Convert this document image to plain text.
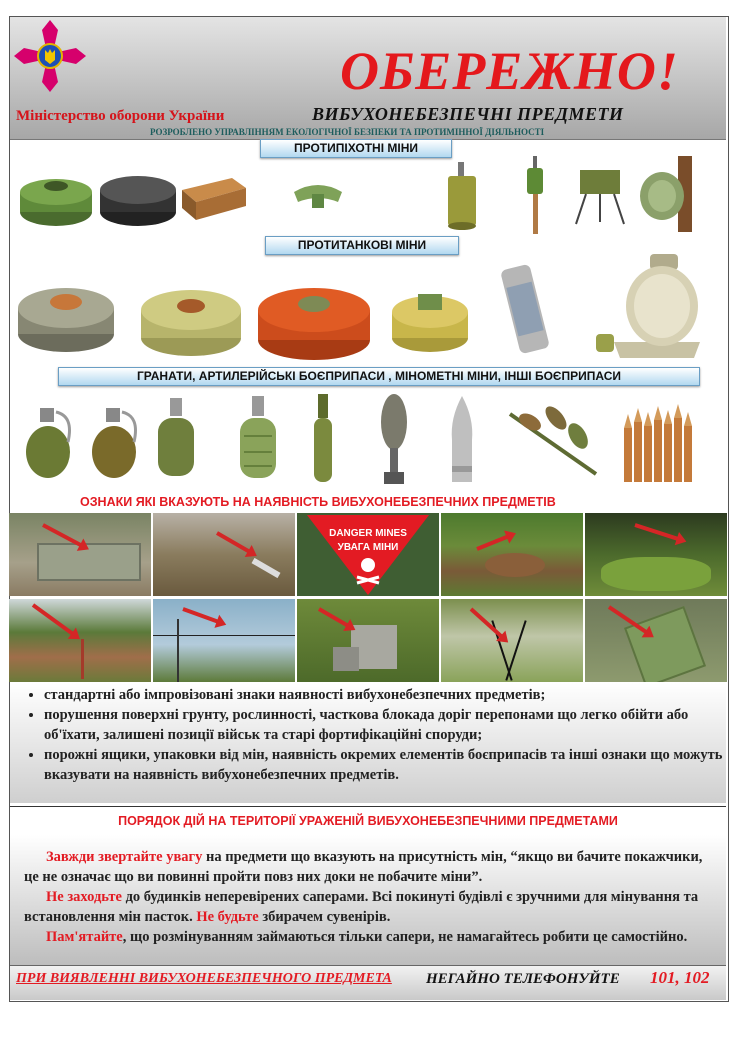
ОБЕРЕЖНО!
Міністерство оборони України	ВИБУХОНЕБЕЗПЕЧНІ ПРЕДМЕТИ
РОЗРОБЛЕНО УПРАВЛІННЯМ ЕКОЛОГІЧНОЇ БЕЗПЕКИ ТА ПРОТИМІННОЇ ДІЯЛЬНОСТІ
ПРОТИПІХОТНІ МІНИ
ПРОТИТАНКОВІ МІНИ
ГРАНАТИ, АРТИЛЕРІЙСЬКІ БОЄПРИПАСИ , МІНОМЕТНІ МІНИ, ІНШІ БОЄПРИПАСИ
ОЗНАКИ ЯКІ ВКАЗУЮТЬ НА НАЯВНІСТЬ ВИБУХОНЕБЕЗПЕЧНИХ ПРЕДМЕТІВ
DANGER MINES
УВАГА МІНИ
• стандартні або імпровізовані знаки наявності вибухонебезпечних предметів;
• порушення поверхні грунту, рослинності, часткова блокада доріг перепонами що легко обійти або об'їхати, залишені позиції військ та старі фортифікаційні споруди;
• порожні ящики, упаковки від мін, наявність окремих елементів боєприпасів та інші ознаки що можуть вказувати на наявність вибухонебезпечних предметів.
ПОРЯДОК ДІЙ НА ТЕРИТОРІЇ УРАЖЕНІЙ ВИБУХОНЕБЕЗПЕЧНИМИ ПРЕДМЕТАМИ

Завжди звертайте увагу на предмети що вказують на присутність мін, “якщо ви бачите покажчики, це не означає що ви повинні пройти повз них доки не побачите міни”.

Не заходьте до будинків неперевірених саперами. Всі покинуті будівлі є зручними для мінування та встановлення мін пасток. Не будьте збирачем сувенірів.

Пам'ятайте, що розмінуванням займаються тільки сапери, не намагайтесь робити це самостійно.

ПРИ ВИЯВЛЕННІ ВИБУХОНЕБЕЗПЕЧНОГО ПРЕДМЕТА НЕГАЙНО ТЕЛЕФОНУЙТЕ 101, 102
